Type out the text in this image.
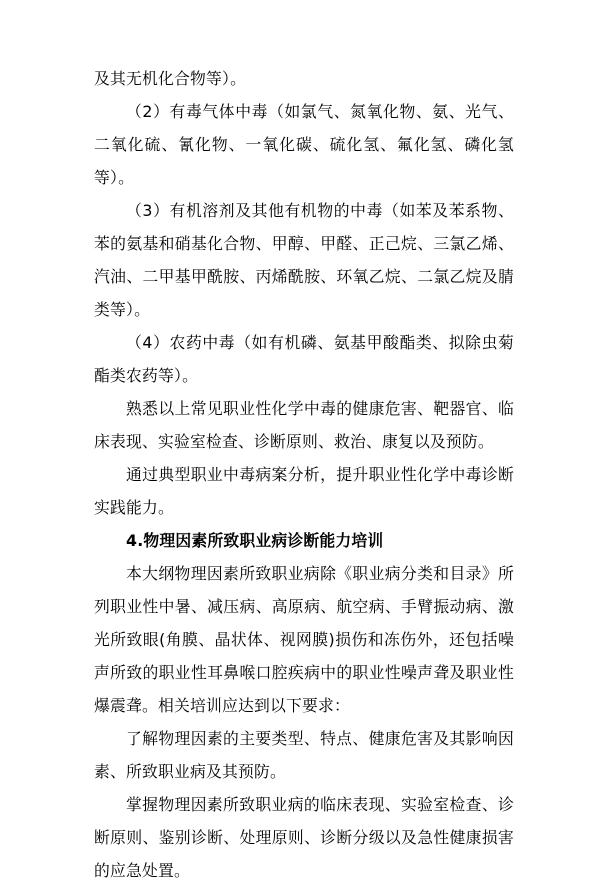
及其无机化合物等）。

（2）有毒气体中毒（如氯气、氮氧化物、氨、光气、二氧化硫、氰化物、一氧化碳、硫化氢、氟化氢、磷化氢等）。

（3）有机溶剂及其他有机物的中毒（如苯及苯系物、苯的氨基和硝基化合物、甲醇、甲醛、正己烷、三氯乙烯、汽油、二甲基甲酰胺、丙烯酰胺、环氧乙烷、二氯乙烷及腈类等）。

（4）农药中毒（如有机磷、氨基甲酸酯类、拟除虫菊酯类农药等）。

熟悉以上常见职业性化学中毒的健康危害、靶器官、临床表现、实验室检查、诊断原则、救治、康复以及预防。

通过典型职业中毒病案分析，提升职业性化学中毒诊断实践能力。

4.物理因素所致职业病诊断能力培训

本大纲物理因素所致职业病除《职业病分类和目录》所列职业性中暑、减压病、高原病、航空病、手臂振动病、激光所致眼(角膜、晶状体、视网膜)损伤和冻伤外，还包括噪声所致的职业性耳鼻喉口腔疾病中的职业性噪声聋及职业性爆震聋。相关培训应达到以下要求：

了解物理因素的主要类型、特点、健康危害及其影响因素、所致职业病及其预防。

掌握物理因素所致职业病的临床表现、实验室检查、诊断原则、鉴别诊断、处理原则、诊断分级以及急性健康损害的应急处置。
